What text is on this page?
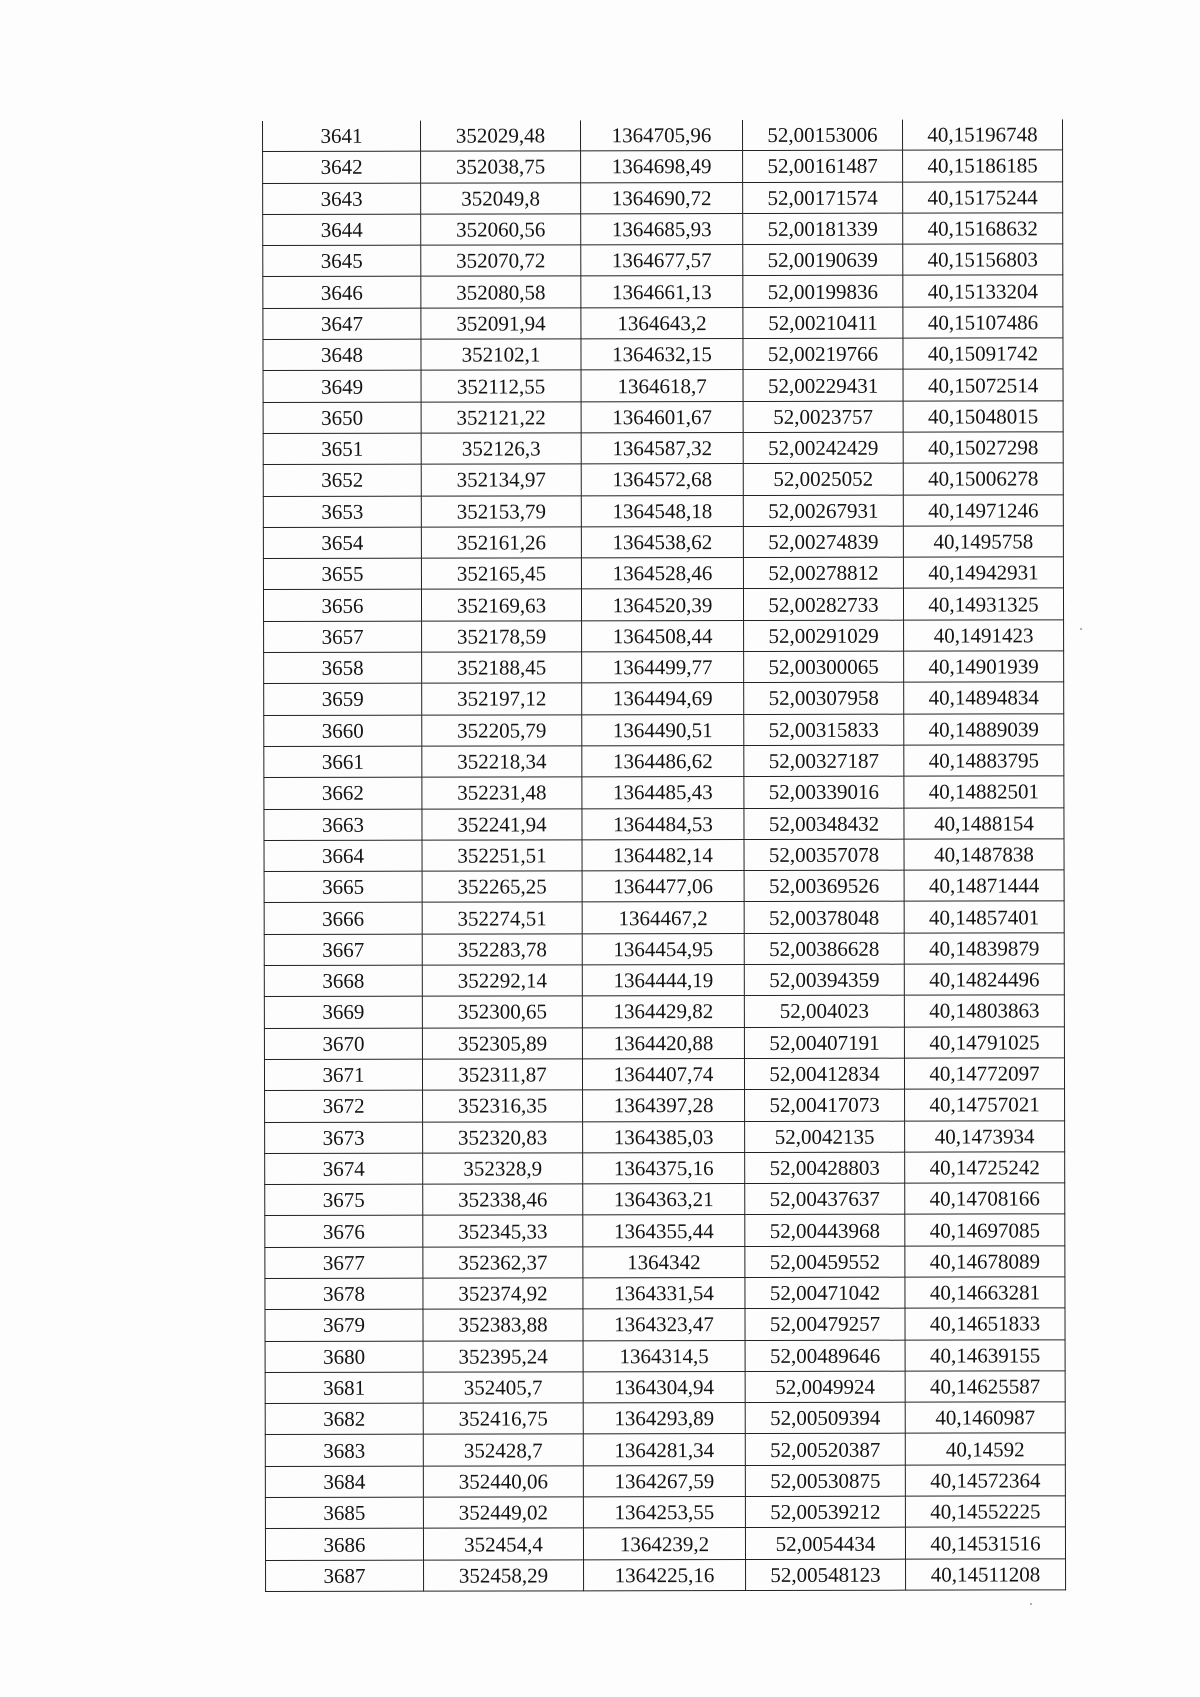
3641	352029,48	1364705,96	52,00153006	40,15196748
3642	352038,75	1364698,49	52,00161487	40,15186185
3643	352049,8	1364690,72	52,00171574	40,15175244
3644	352060,56	1364685,93	52,00181339	40,15168632
3645	352070,72	1364677,57	52,00190639	40,15156803
3646	352080,58	1364661,13	52,00199836	40,15133204
3647	352091,94	1364643,2	52,00210411	40,15107486
3648	352102,1	1364632,15	52,00219766	40,15091742
3649	352112,55	1364618,7	52,00229431	40,15072514
3650	352121,22	1364601,67	52,0023757	40,15048015
3651	352126,3	1364587,32	52,00242429	40,15027298
3652	352134,97	1364572,68	52,0025052	40,15006278
3653	352153,79	1364548,18	52,00267931	40,14971246
3654	352161,26	1364538,62	52,00274839	40,1495758
3655	352165,45	1364528,46	52,00278812	40,14942931
3656	352169,63	1364520,39	52,00282733	40,14931325
3657	352178,59	1364508,44	52,00291029	40,1491423
3658	352188,45	1364499,77	52,00300065	40,14901939
3659	352197,12	1364494,69	52,00307958	40,14894834
3660	352205,79	1364490,51	52,00315833	40,14889039
3661	352218,34	1364486,62	52,00327187	40,14883795
3662	352231,48	1364485,43	52,00339016	40,14882501
3663	352241,94	1364484,53	52,00348432	40,1488154
3664	352251,51	1364482,14	52,00357078	40,1487838
3665	352265,25	1364477,06	52,00369526	40,14871444
3666	352274,51	1364467,2	52,00378048	40,14857401
3667	352283,78	1364454,95	52,00386628	40,14839879
3668	352292,14	1364444,19	52,00394359	40,14824496
3669	352300,65	1364429,82	52,004023	40,14803863
3670	352305,89	1364420,88	52,00407191	40,14791025
3671	352311,87	1364407,74	52,00412834	40,14772097
3672	352316,35	1364397,28	52,00417073	40,14757021
3673	352320,83	1364385,03	52,0042135	40,1473934
3674	352328,9	1364375,16	52,00428803	40,14725242
3675	352338,46	1364363,21	52,00437637	40,14708166
3676	352345,33	1364355,44	52,00443968	40,14697085
3677	352362,37	1364342	52,00459552	40,14678089
3678	352374,92	1364331,54	52,00471042	40,14663281
3679	352383,88	1364323,47	52,00479257	40,14651833
3680	352395,24	1364314,5	52,00489646	40,14639155
3681	352405,7	1364304,94	52,0049924	40,14625587
3682	352416,75	1364293,89	52,00509394	40,1460987
3683	352428,7	1364281,34	52,00520387	40,14592
3684	352440,06	1364267,59	52,00530875	40,14572364
3685	352449,02	1364253,55	52,00539212	40,14552225
3686	352454,4	1364239,2	52,0054434	40,14531516
3687	352458,29	1364225,16	52,00548123	40,14511208
